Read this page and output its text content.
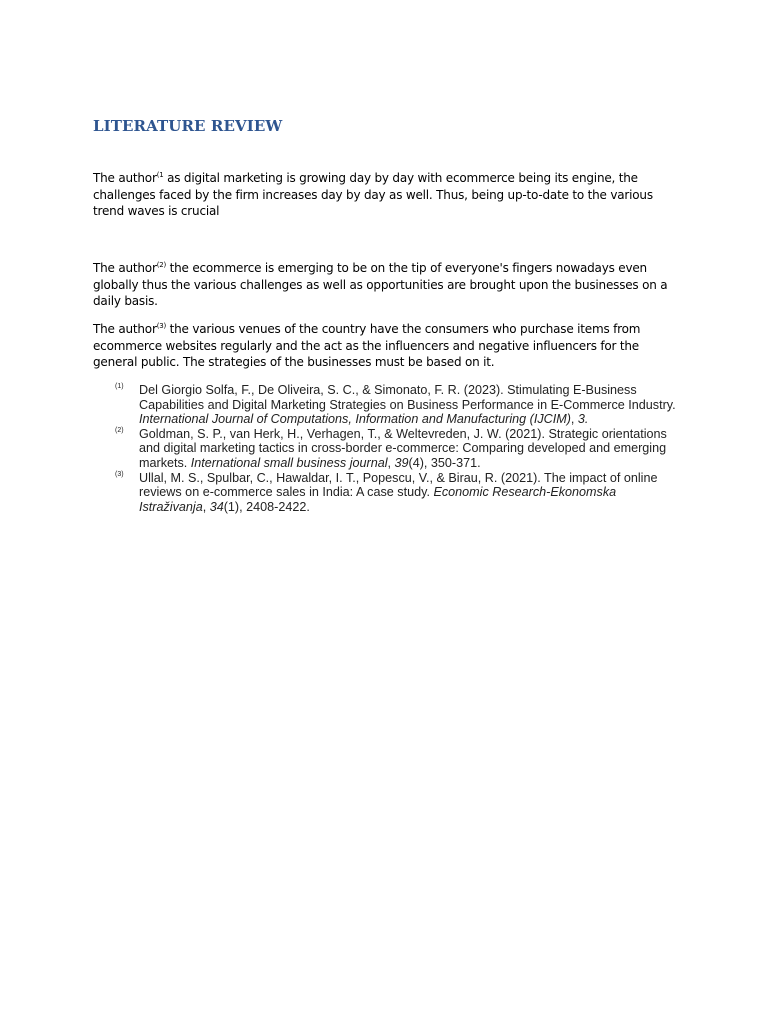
LITERATURE REVIEW

The author$^{(1}$ as digital marketing is growing day by day with ecommerce being its engine, the challenges faced by the firm increases day by day as well. Thus, being up-to-date to the various trend waves is crucial

The author$^{(2)}$ the ecommerce is emerging to be on the tip of everyone's fingers nowadays even globally thus the various challenges as well as opportunities are brought upon the businesses on a daily basis.

The author$^{(3)}$ the various venues of the country have the consumers who purchase items from ecommerce websites regularly and the act as the influencers and negative influencers for the general public. The strategies of the businesses must be based on it.

(1) Del Giorgio Solfa, F., De Oliveira, S. C., & Simonato, F. R. (2023). Stimulating E-Business Capabilities and Digital Marketing Strategies on Business Performance in E-Commerce Industry. International Journal of Computations, Information and Manufacturing (IJCIM), 3.
(2) Goldman, S. P., van Herk, H., Verhagen, T., & Weltevreden, J. W. (2021). Strategic orientations and digital marketing tactics in cross-border e-commerce: Comparing developed and emerging markets. International small business journal, 39(4), 350-371.
(3) Ullal, M. S., Spulbar, C., Hawaldar, I. T., Popescu, V., & Birau, R. (2021). The impact of online reviews on e-commerce sales in India: A case study. Economic Research-Ekonomska Istraživanja, 34(1), 2408-2422.
